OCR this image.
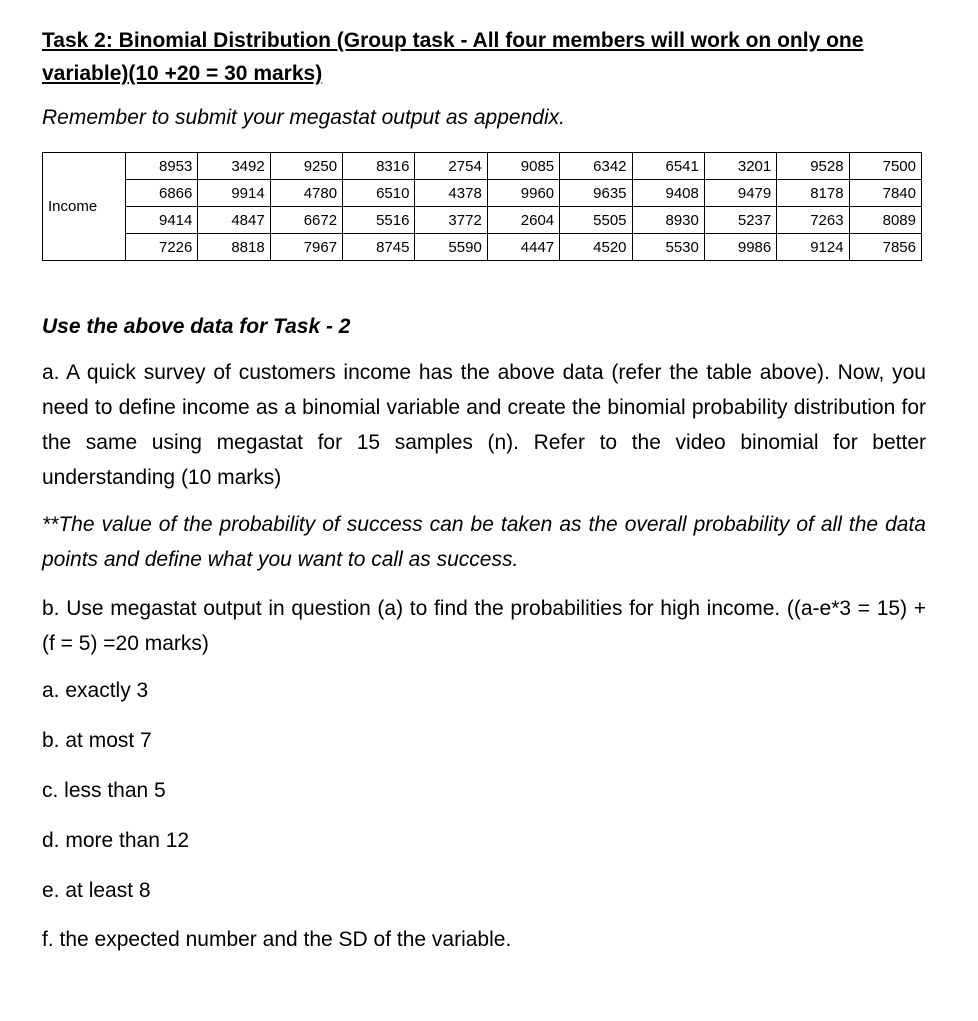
Task 2: Binomial Distribution (Group task - All four members will work on only one variable)(10 +20 = 30 marks)

Remember to submit your megastat output as appendix.

Income	8953	3492	9250	8316	2754	9085	6342	6541	3201	9528	7500
	6866	9914	4780	6510	4378	9960	9635	9408	9479	8178	7840
	9414	4847	6672	5516	3772	2604	5505	8930	5237	7263	8089
	7226	8818	7967	8745	5590	4447	4520	5530	9986	9124	7856

Use the above data for Task - 2

a. A quick survey of customers income has the above data (refer the table above). Now, you need to define income as a binomial variable and create the binomial probability distribution for the same using megastat for 15 samples (n). Refer to the video binomial for better understanding (10 marks)

**The value of the probability of success can be taken as the overall probability of all the data points and define what you want to call as success.

b. Use megastat output in question (a) to find the probabilities for high income. ((a-e*3 = 15) + (f = 5) =20 marks)

a. exactly 3

b. at most 7

c. less than 5

d. more than 12

e. at least 8

f. the expected number and the SD of the variable.
